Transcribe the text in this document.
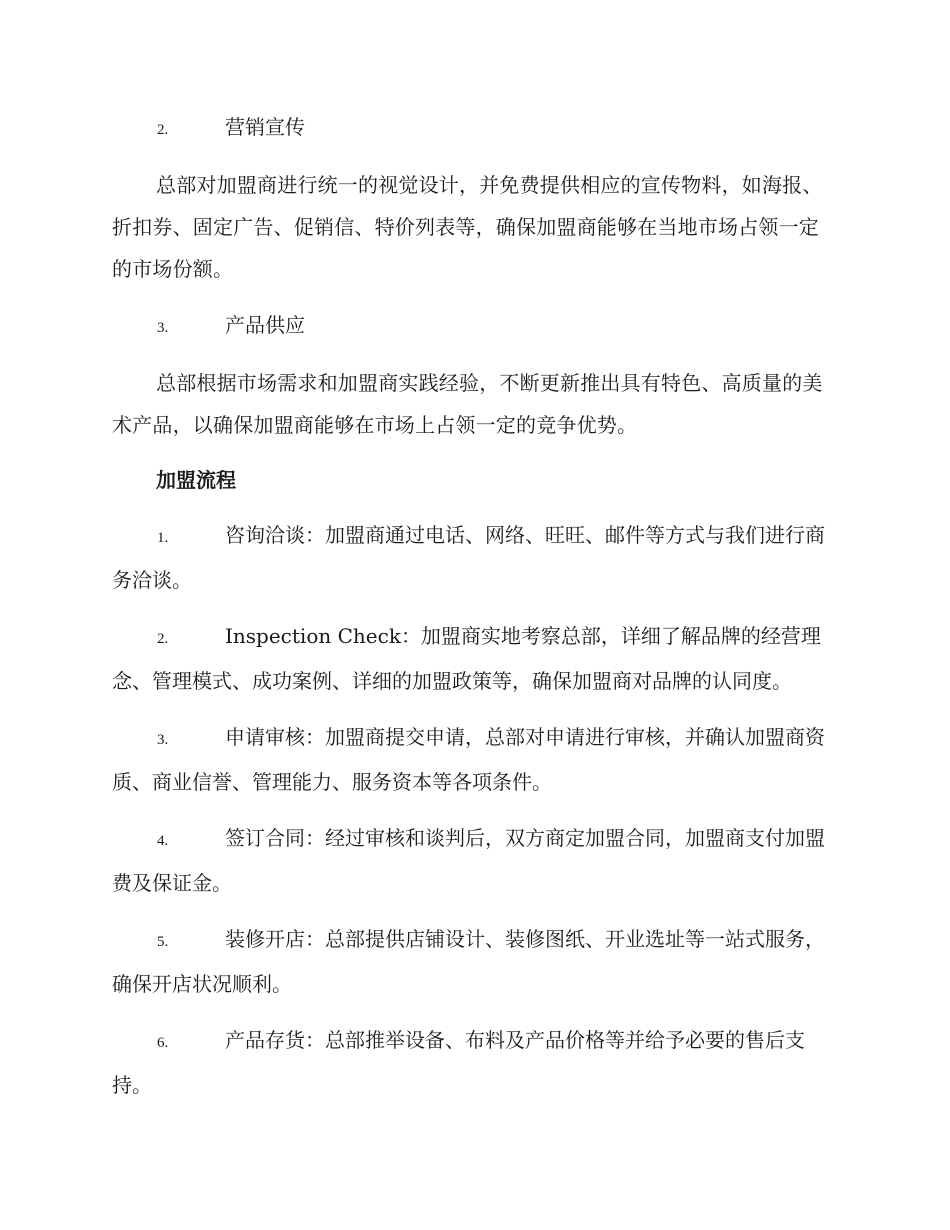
2.	营销宣传

总部对加盟商进行统一的视觉设计，并免费提供相应的宣传物料，如海报、折扣券、固定广告、促销信、特价列表等，确保加盟商能够在当地市场占领一定的市场份额。

3.	产品供应

总部根据市场需求和加盟商实践经验，不断更新推出具有特色、高质量的美术产品，以确保加盟商能够在市场上占领一定的竞争优势。

加盟流程

1.	咨询洽谈：加盟商通过电话、网络、旺旺、邮件等方式与我们进行商务洽谈。

2.	Inspection Check：加盟商实地考察总部，详细了解品牌的经营理念、管理模式、成功案例、详细的加盟政策等，确保加盟商对品牌的认同度。

3.	申请审核：加盟商提交申请，总部对申请进行审核，并确认加盟商资质、商业信誉、管理能力、服务资本等各项条件。

4.	签订合同：经过审核和谈判后，双方商定加盟合同，加盟商支付加盟费及保证金。

5.	装修开店：总部提供店铺设计、装修图纸、开业选址等一站式服务，确保开店状况顺利。

6.	产品存货：总部推举设备、布料及产品价格等并给予必要的售后支持。
